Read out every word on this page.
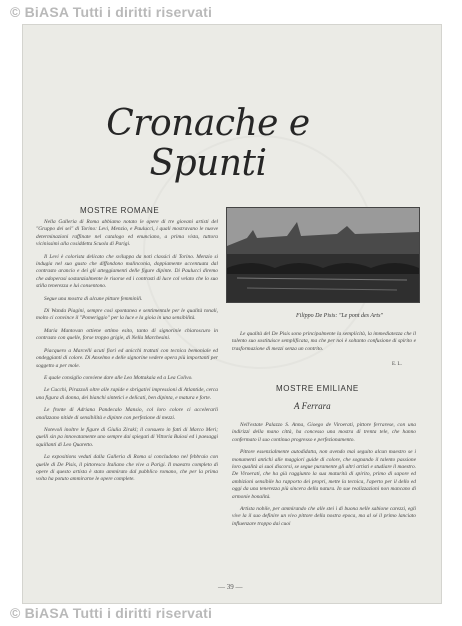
© BiASA Tutti i diritti riservati
Cronache e Spunti
MOSTRE ROMANE

Nella Galleria di Roma abbiamo notato le opere di tre giovani artisti del "Gruppo dei sei" di Torino: Levi, Menzio, e Paulucci, i quali mostravano le nuove determinazioni raffinate nel catalogo ed enunciano, a prima vista, tuttora vicinissimi alla cosiddetta Scuola di Parigi.

Il Levi è colorista delicato che sviluppa da noti classici di Torino. Menzio si indugia nel suo gusto che diffondono malinconia, doppiamente accentuata dal contrasto arancio e dei gli atteggiamenti delle figure dipinte. Di Paulucci diremo che adoperasi sostanzialmente le risorse ed i contrasti di luce col velato che lo suo stilla tenerezza e lui consentono.

Segue una mostra di alcune pitture femminili.

Di Wanda Piagini, sempre così spontanea e sentimentale per le qualità tonali, molto ci convince il "Pomeriggio" per la luce e la gioia in una sensibilità.

Maria Mantovan ottiene ottimo esito, tanto di signorinie chiaroscuro in contrasto con quelle, forse troppo grigie, di Nella Marchesini.

Piacquero a Marcelli acuti fiori ed anicchi trattati con tecnica bemoniale ed ondeggianti di colore. Di Anselmo e delle signorine vedere opera più importanti per soggetto a per mole.

E quale consiglio conviene dare alle Leo Mottakaia ed a Lea Colivo.

Le Cucchi, Pirazzoli oltre alle rapide e sbrigativi impressioni di Atlantide, cerca una figura di donna, dei bianchi sintetici e delicati, ben dipinta, e matura e forte.

Le fronte di Adriana Pandecalo Mansio, col loro colore ci accelerarli analizzano nitide di sensibilità e dipinte con perfezione di mezzi.

Notevoli inoltre le figure di Giulia Zirakl; il consueto in fatti di Marco Meri; quelli sin pa innovatamente uno sempre dai spiegati di Vittoria Buiosi ed i paesaggi squillanti di Leo Quaretto.

La expositions veduti dalla Galleria di Roma si concludono nel febbraio con quelle di De Pisis, il pittoresco Italiano che vive a Parigi. Il maestro completo di opere di questo artista è stato ammirato dal pubblico romano, che per la prima volta ha potuto ammirarne le opere complete.

Filippo De Pisis: "Le pont des Arts"

Le qualità del De Pisis sono principalmente la semplicità, la immediatezza che il talento suo sostituisce semplificata, ma che per noi è soltanto confusione di spirito e trasformazione di mezzi senza un contrito.

E. L.
MOSTRE EMILIANE
A Ferrara

Nell'estate Palazzo S. Anna, Gioego de Viroerati, pittore ferrarese, con una indirizzi della mano città, ha concesso una mostra di trenta tele, che hanno confermato il suo continuo progresso e perfezionamento.

Pittore essenzialmente autodidatta, non avendo mai seguito alcun maestro se i monumenti antichi alle maggiori guide di colore, che sognando il talento passione loro qualità ai suoi discorsi, se segue puramente gli altri artisti e studiare il maestro. De Viroerati, che ha già raggiunto la sua maturità di spirito, primo di sapore ed ambizioni sensibile ha rapporto dei propri, mette la tecnica, l'aperto per il dello ed oggi da una tenerezza più sincera della natura. In sue realizzazioni non mancano di armonie bonalità.

Artista nobile, per ammirando che alle stei i di buona nelle sabione carezzi, egli vive la il suo definire un vivo pittore della nostra epoca, ma al sé il primo lanciato influenzare troppo dai cuoi

— 39 —
© BiASA Tutti i diritti riservati
